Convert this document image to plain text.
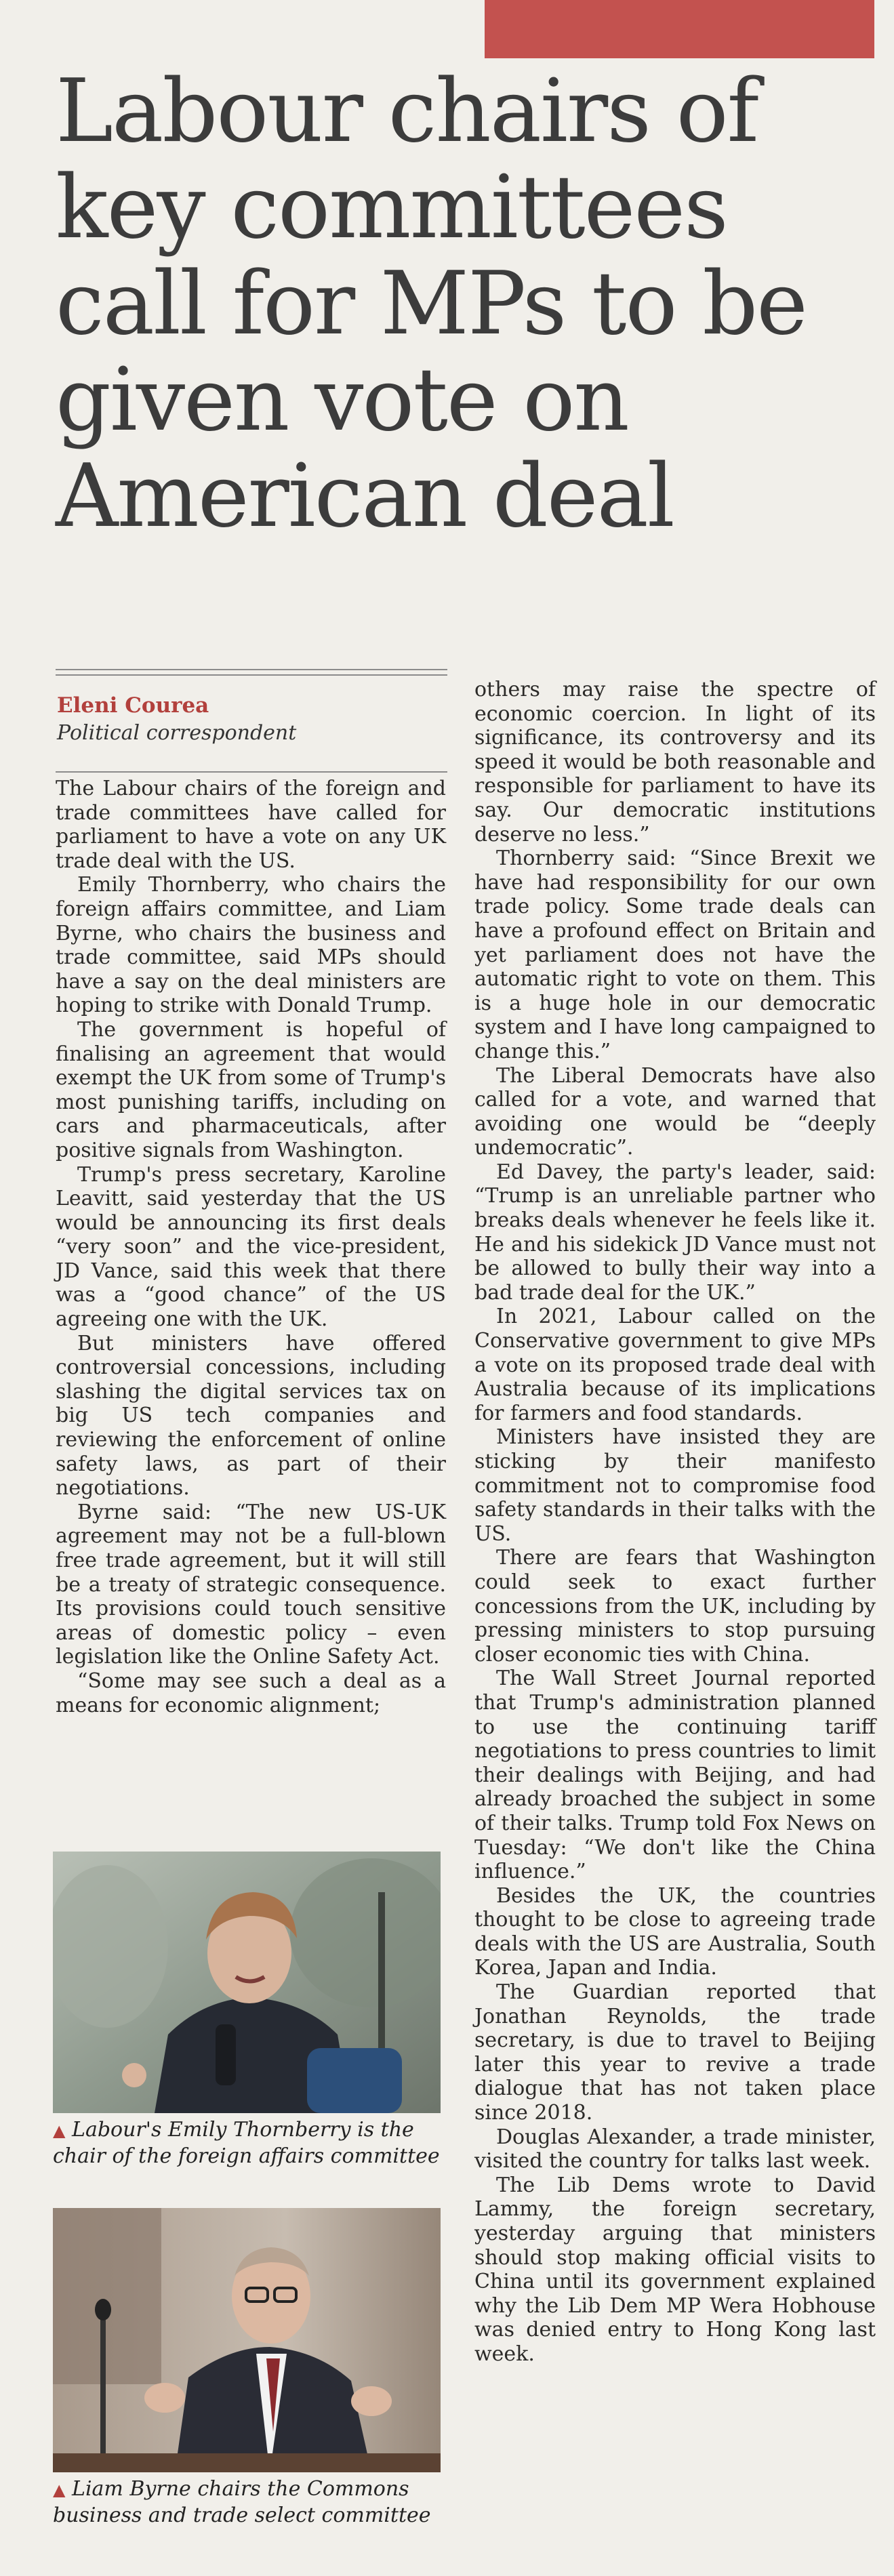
Labour chairs of key committees call for MPs to be given vote on American deal
Eleni Courea
Political correspondent

The Labour chairs of the foreign and trade committees have called for parliament to have a vote on any UK trade deal with the US.

Emily Thornberry, who chairs the foreign affairs committee, and Liam Byrne, who chairs the business and trade committee, said MPs should have a say on the deal ministers are hoping to strike with Donald Trump.

The government is hopeful of finalising an agreement that would exempt the UK from some of Trump's most punishing tariffs, including on cars and pharmaceuticals, after positive signals from Washington.

Trump's press secretary, Karoline Leavitt, said yesterday that the US would be announcing its first deals “very soon” and the vice-president, JD Vance, said this week that there was a “good chance” of the US agreeing one with the UK.

But ministers have offered controversial concessions, including slashing the digital services tax on big US tech companies and reviewing the enforcement of online safety laws, as part of their negotiations.

Byrne said: “The new US-UK agreement may not be a full-blown free trade agreement, but it will still be a treaty of strategic consequence. Its provisions could touch sensitive areas of domestic policy – even legislation like the Online Safety Act.

“Some may see such a deal as a means for economic alignment;

▲ Labour's Emily Thornberry is the chair of the foreign affairs committee
▲ Liam Byrne chairs the Commons business and trade select committee

others may raise the spectre of economic coercion. In light of its significance, its controversy and its speed it would be both reasonable and responsible for parliament to have its say. Our democratic institutions deserve no less.”

Thornberry said: “Since Brexit we have had responsibility for our own trade policy. Some trade deals can have a profound effect on Britain and yet parliament does not have the automatic right to vote on them. This is a huge hole in our democratic system and I have long campaigned to change this.”

The Liberal Democrats have also called for a vote, and warned that avoiding one would be “deeply undemocratic”.

Ed Davey, the party's leader, said: “Trump is an unreliable partner who breaks deals whenever he feels like it. He and his sidekick JD Vance must not be allowed to bully their way into a bad trade deal for the UK.”

In 2021, Labour called on the Conservative government to give MPs a vote on its proposed trade deal with Australia because of its implications for farmers and food standards.

Ministers have insisted they are sticking by their manifesto commitment not to compromise food safety standards in their talks with the US.

There are fears that Washington could seek to exact further concessions from the UK, including by pressing ministers to stop pursuing closer economic ties with China.

The Wall Street Journal reported that Trump's administration planned to use the continuing tariff negotiations to press countries to limit their dealings with Beijing, and had already broached the subject in some of their talks. Trump told Fox News on Tuesday: “We don't like the China influence.”

Besides the UK, the countries thought to be close to agreeing trade deals with the US are Australia, South Korea, Japan and India.

The Guardian reported that Jonathan Reynolds, the trade secretary, is due to travel to Beijing later this year to revive a trade dialogue that has not taken place since 2018.

Douglas Alexander, a trade minister, visited the country for talks last week.

The Lib Dems wrote to David Lammy, the foreign secretary, yesterday arguing that ministers should stop making official visits to China until its government explained why the Lib Dem MP Wera Hobhouse was denied entry to Hong Kong last week.
